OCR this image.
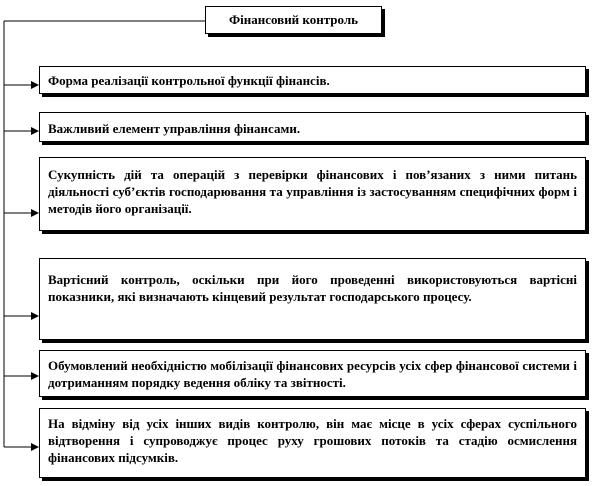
Фінансовий контроль
Форма реалізації контрольної функції фінансів.
Важливий елемент управління фінансами.
Сукупність дій та операцій з перевірки фінансових і пов’язаних з ними питань діяльності суб’єктів господарювання та управління із застосуванням специфічних форм і методів його організації.
Вартісний контроль, оскільки при його проведенні використовуються вартісні показники, які визначають кінцевий результат господарського процесу.
Обумовлений необхідністю мобілізації фінансових ресурсів усіх сфер фінансової системи і дотриманням порядку ведення обліку та звітності.
На відміну від усіх інших видів контролю, він має місце в усіх сферах суспільного відтворення і супроводжує процес руху грошових потоків та стадію осмислення фінансових підсумків.
